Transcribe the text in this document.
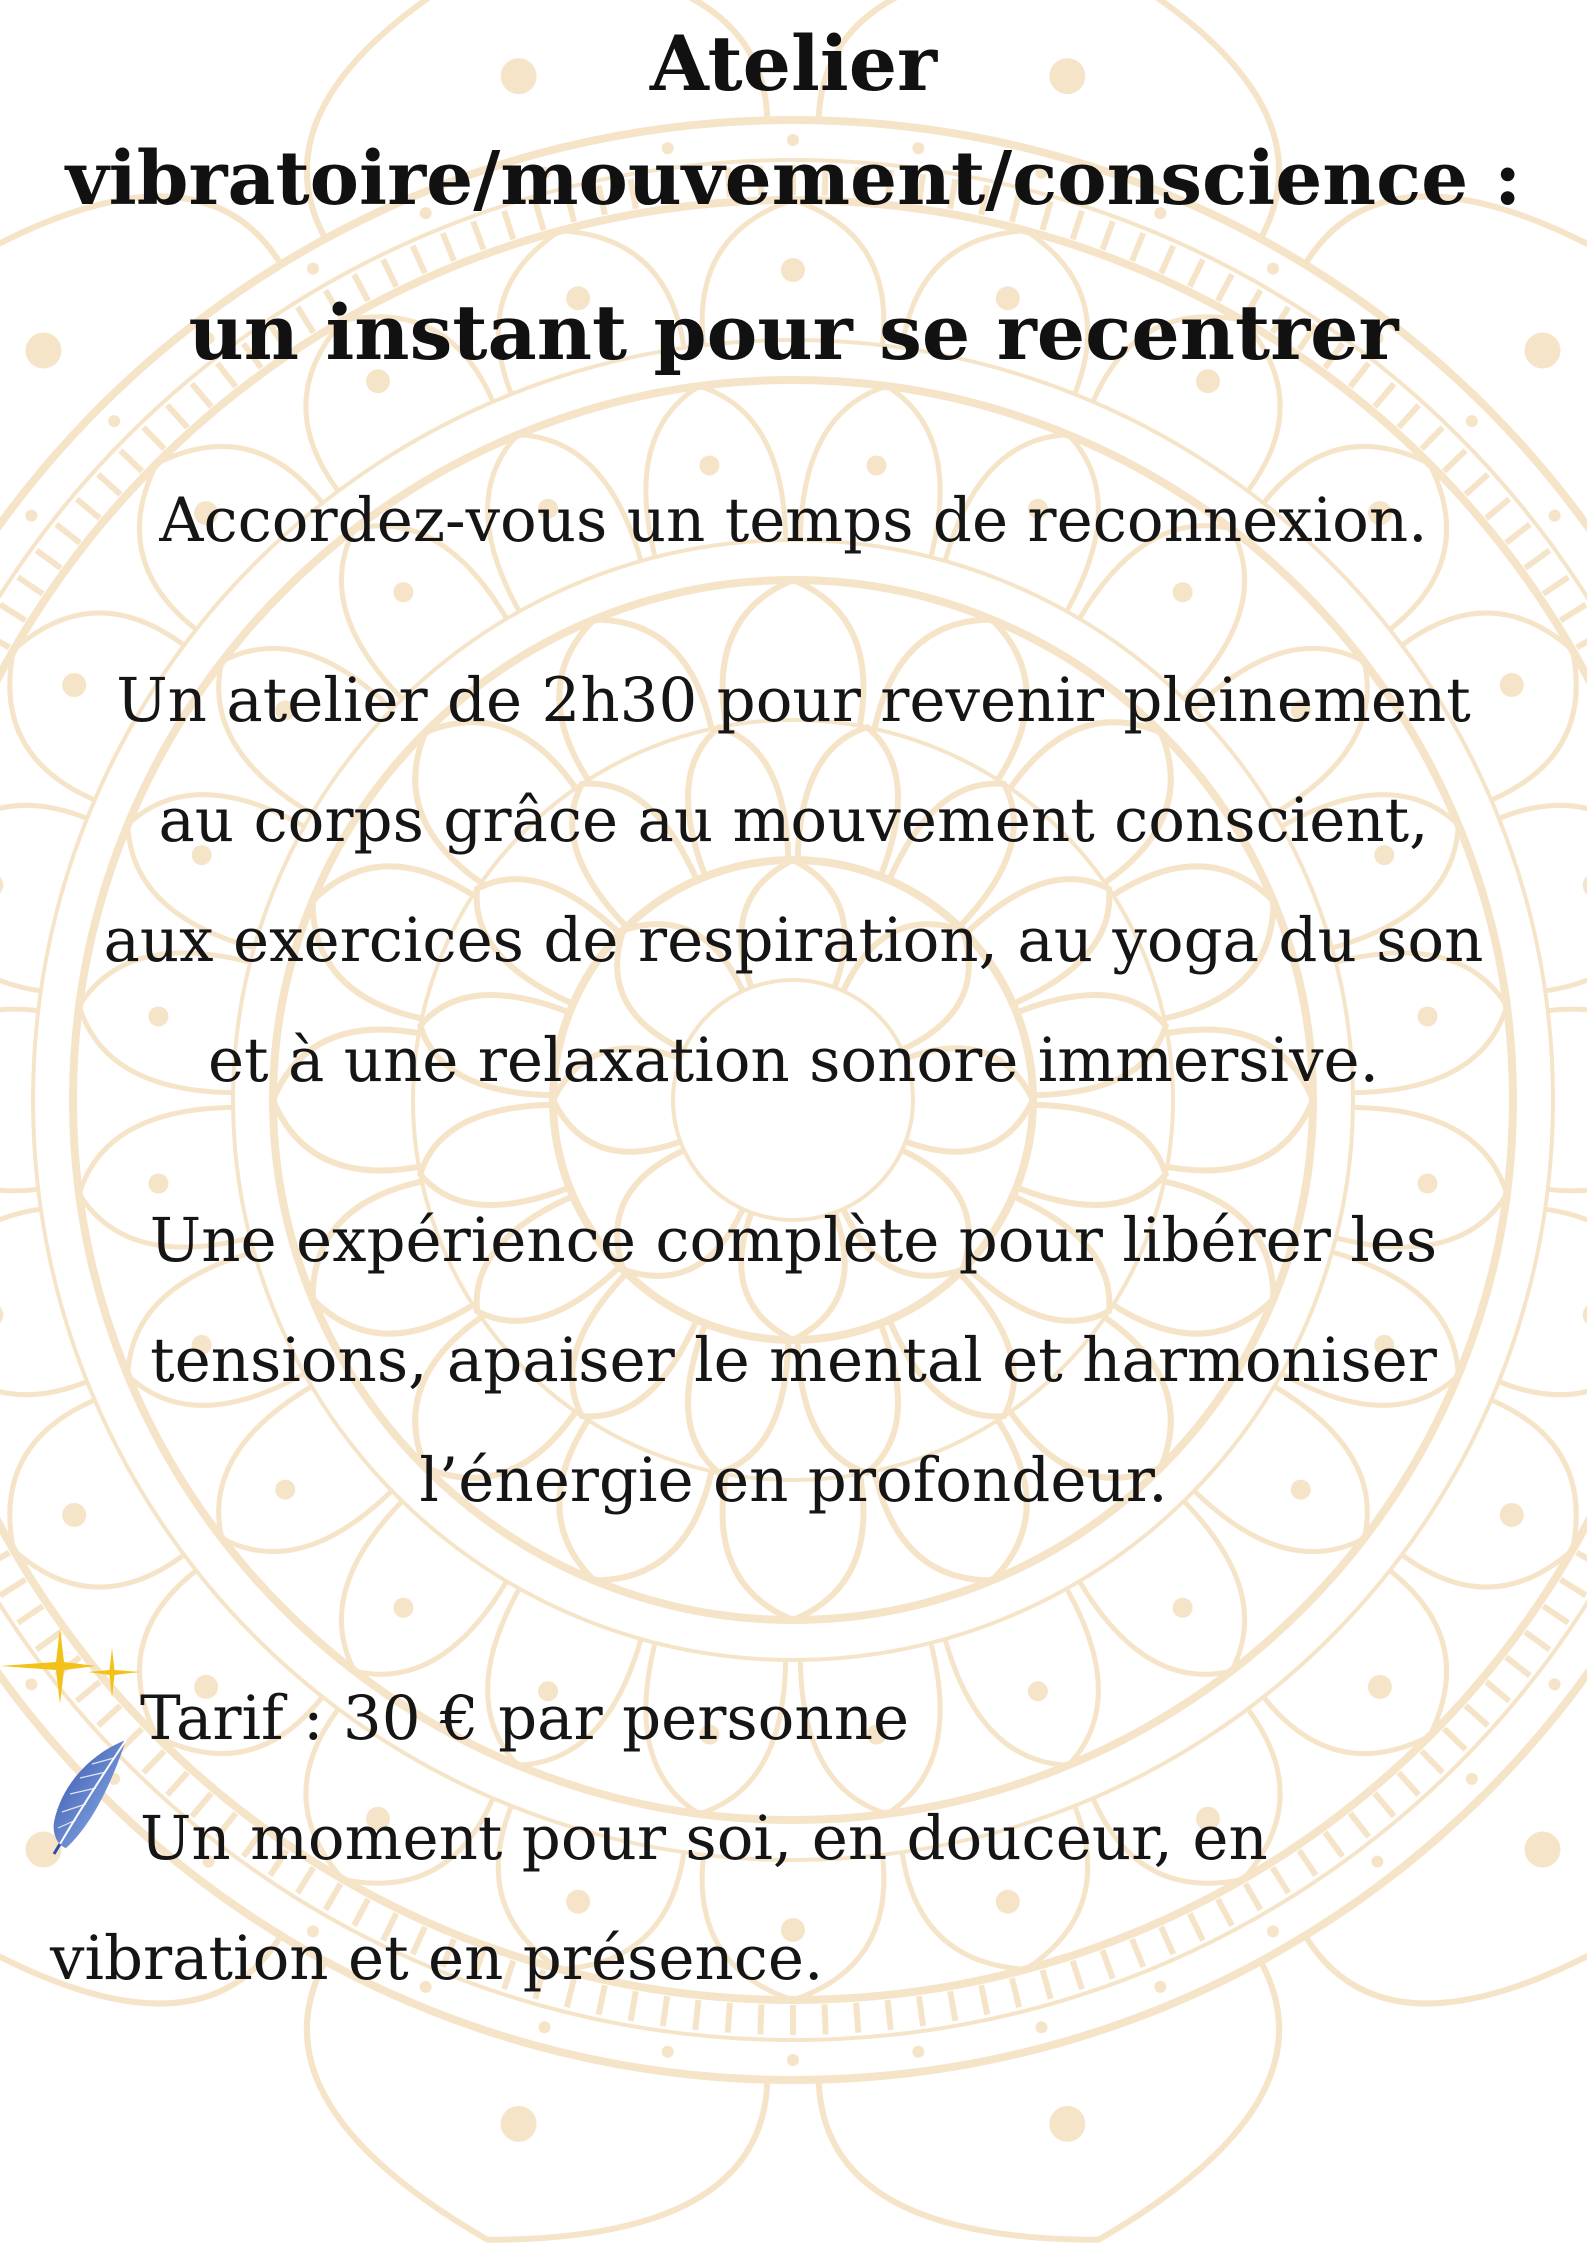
Atelier
vibratoire/mouvement/conscience :
un instant pour se recentrer
Accordez-vous un temps de reconnexion.
Un atelier de 2h30 pour revenir pleinement
au corps grâce au mouvement conscient,
aux exercices de respiration, au yoga du son
et à une relaxation sonore immersive.
Une expérience complète pour libérer les
tensions, apaiser le mental et harmoniser
l’énergie en profondeur.
Tarif : 30 € par personne
Un moment pour soi, en douceur, en
vibration et en présence.
